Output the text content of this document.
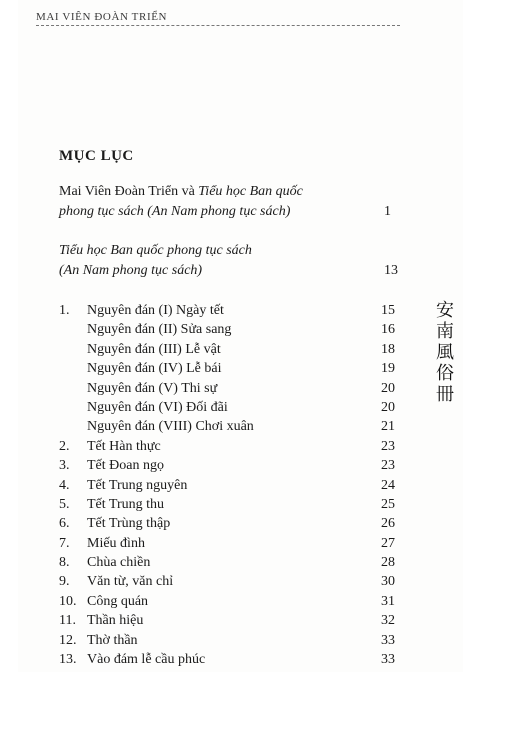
MAI VIÊN ĐOÀN TRIỂN
MỤC LỤC
Mai Viên Đoàn Triển và Tiểu học Ban quốc
phong tục sách (An Nam phong tục sách)	1
Tiểu học Ban quốc phong tục sách
(An Nam phong tục sách)	13
1. Nguyên đán (I) Ngày tết	15
Nguyên đán (II) Sửa sang	16
Nguyên đán (III) Lễ vật	18
Nguyên đán (IV) Lễ bái	19
Nguyên đán (V) Thi sự	20
Nguyên đán (VI) Đối đãi	20
Nguyên đán (VIII) Chơi xuân	21
2. Tết Hàn thực	23
3. Tết Đoan ngọ	23
4. Tết Trung nguyên	24
5. Tết Trung thu	25
6. Tết Trùng thập	26
7. Miếu đình	27
8. Chùa chiền	28
9. Văn từ, văn chỉ	30
10. Công quán	31
11. Thần hiệu	32
12. Thờ thần	33
13. Vào đám lễ cầu phúc	33
安
南
風
俗
冊
